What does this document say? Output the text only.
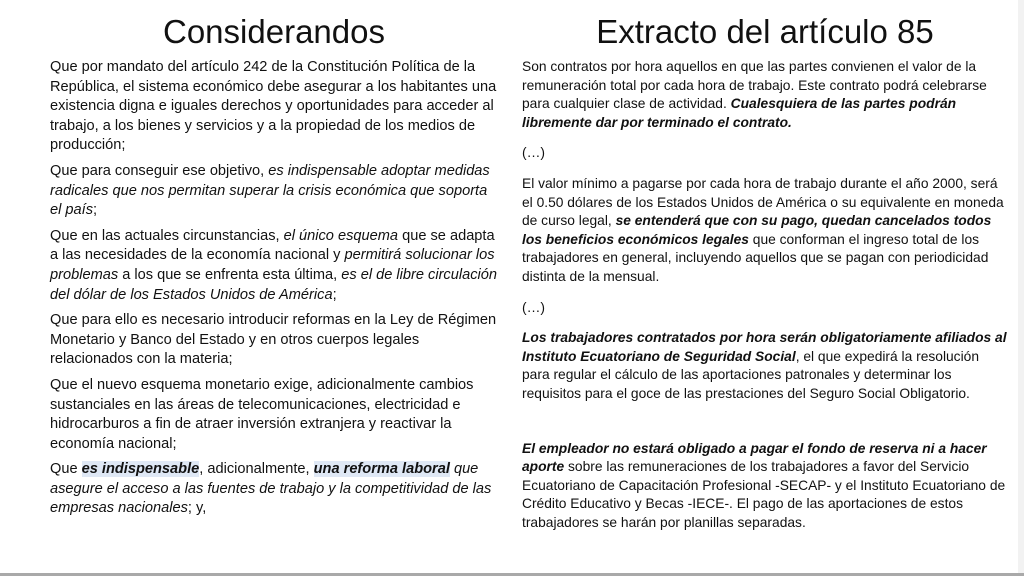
Considerandos

Que por mandato del artículo 242 de la Constitución Política de la República, el sistema económico debe asegurar a los habitantes una existencia digna e iguales derechos y oportunidades para acceder al trabajo, a los bienes y servicios y a la propiedad de los medios de producción;

Que para conseguir ese objetivo, es indispensable adoptar medidas radicales que nos permitan superar la crisis económica que soporta el país;

Que en las actuales circunstancias, el único esquema que se adapta a las necesidades de la economía nacional y permitirá solucionar los problemas a los que se enfrenta esta última, es el de libre circulación del dólar de los Estados Unidos de América;

Que para ello es necesario introducir reformas en la Ley de Régimen Monetario y Banco del Estado y en otros cuerpos legales relacionados con la materia;

Que el nuevo esquema monetario exige, adicionalmente cambios sustanciales en las áreas de telecomunicaciones, electricidad e hidrocarburos a fin de atraer inversión extranjera y reactivar la economía nacional;

Que es indispensable, adicionalmente, una reforma laboral que asegure el acceso a las fuentes de trabajo y la competitividad de las empresas nacionales; y,

Extracto del artículo 85

Son contratos por hora aquellos en que las partes convienen el valor de la remuneración total por cada hora de trabajo. Este contrato podrá celebrarse para cualquier clase de actividad. Cualesquiera de las partes podrán libremente dar por terminado el contrato.

(…)

El valor mínimo a pagarse por cada hora de trabajo durante el año 2000, será el 0.50 dólares de los Estados Unidos de América o su equivalente en moneda de curso legal, se entenderá que con su pago, quedan cancelados todos los beneficios económicos legales que conforman el ingreso total de los trabajadores en general, incluyendo aquellos que se pagan con periodicidad distinta de la mensual.

(…)

Los trabajadores contratados por hora serán obligatoriamente afiliados al Instituto Ecuatoriano de Seguridad Social, el que expedirá la resolución para regular el cálculo de las aportaciones patronales y determinar los requisitos para el goce de las prestaciones del Seguro Social Obligatorio.

El empleador no estará obligado a pagar el fondo de reserva ni a hacer aporte sobre las remuneraciones de los trabajadores a favor del Servicio Ecuatoriano de Capacitación Profesional -SECAP- y el Instituto Ecuatoriano de Crédito Educativo y Becas -IECE-. El pago de las aportaciones de estos trabajadores se harán por planillas separadas.
